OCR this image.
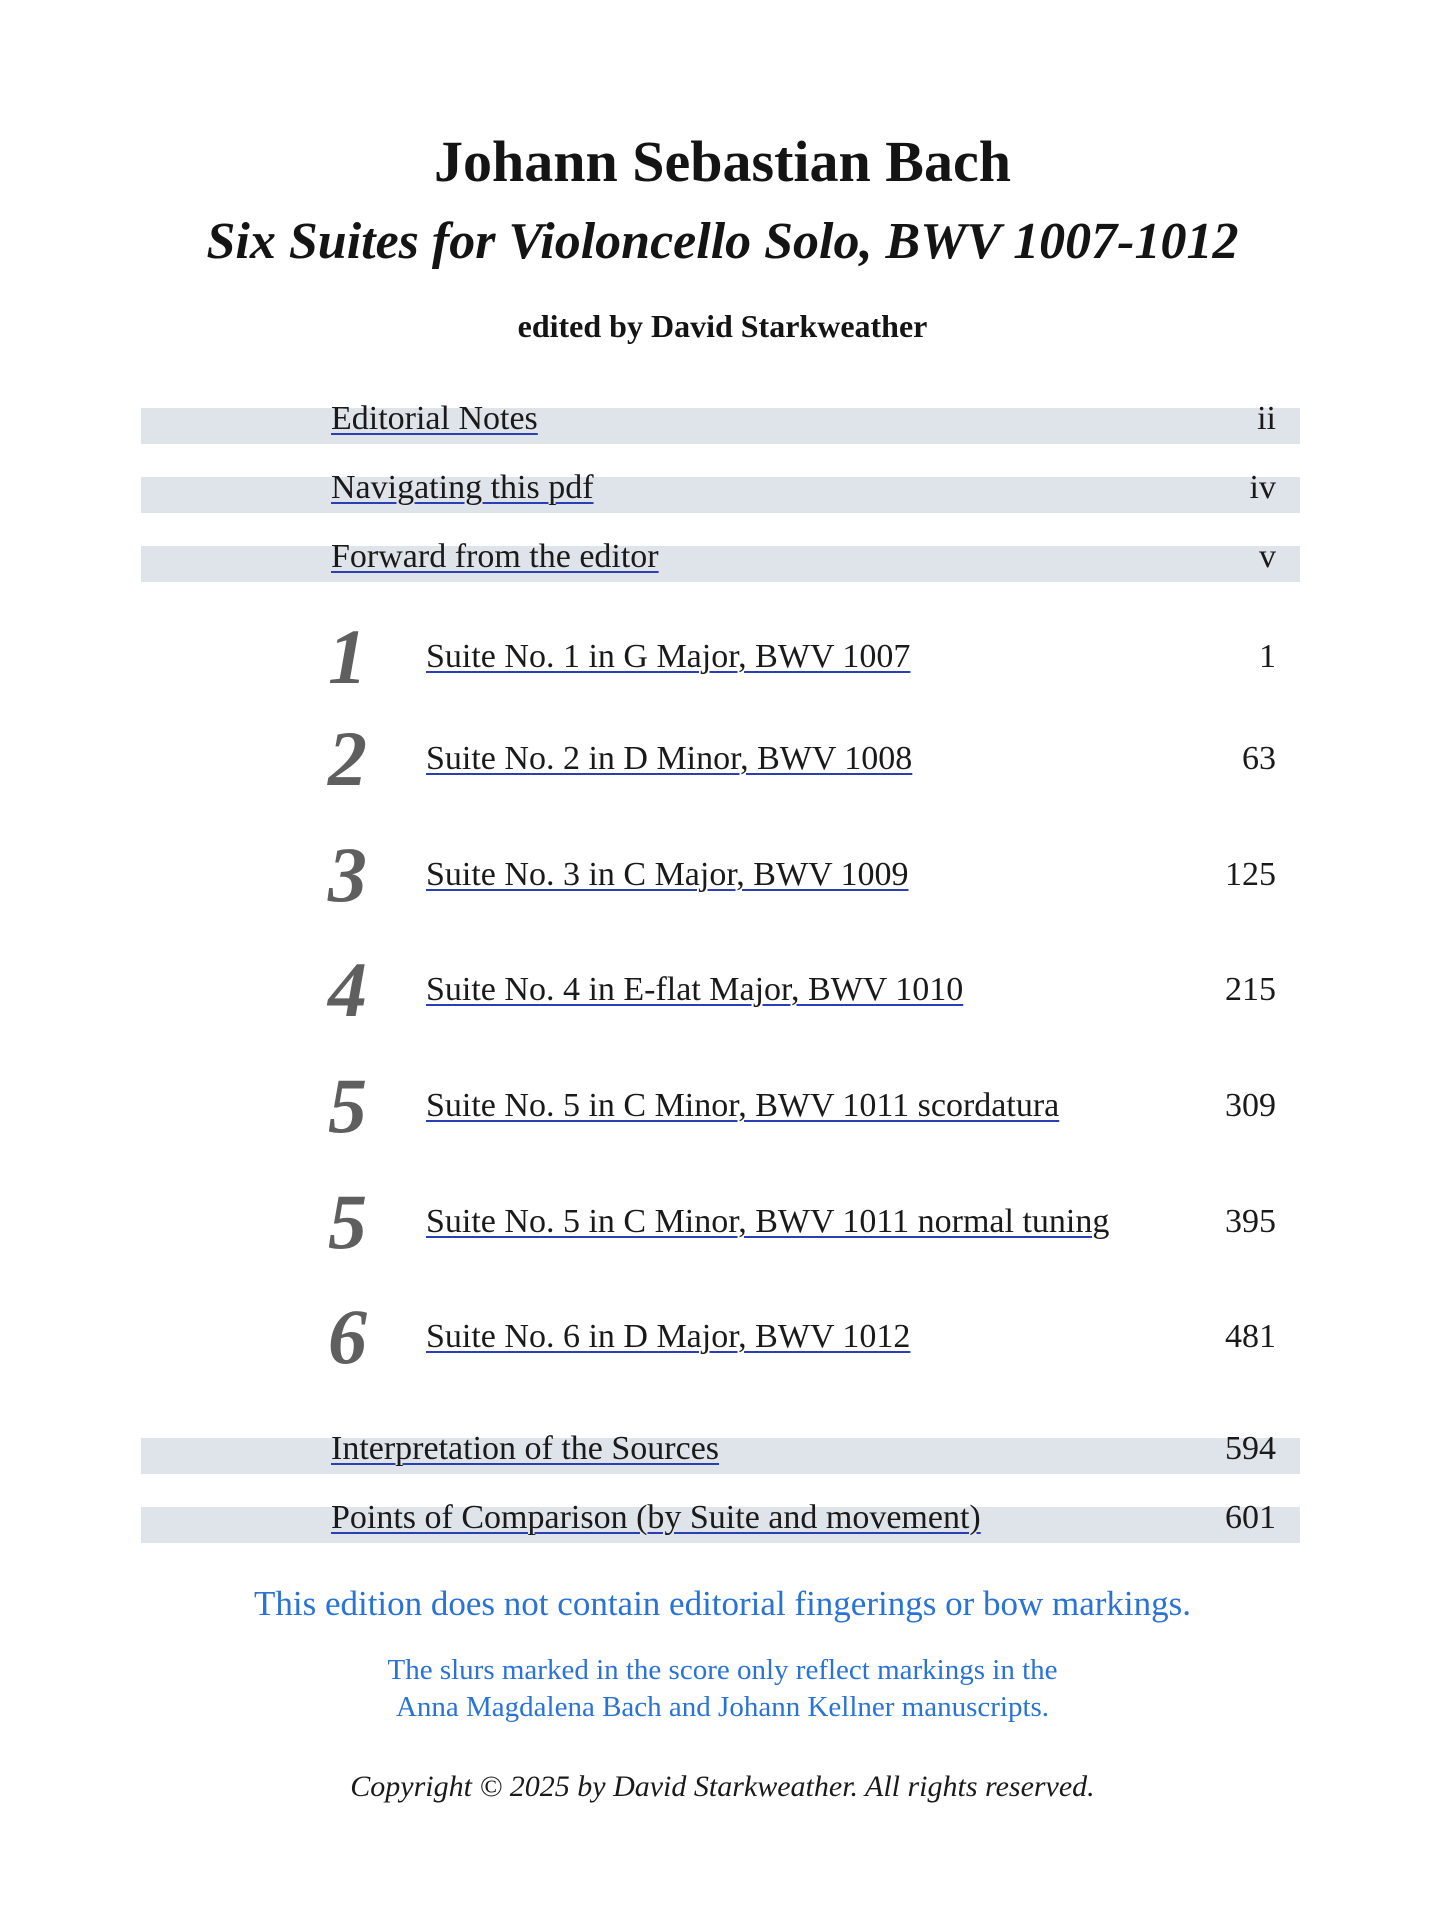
Johann Sebastian Bach
Six Suites for Violoncello Solo, BWV 1007-1012
edited by David Starkweather
Editorial Notes	ii
Navigating this pdf	iv
Forward from the editor	v
1 Suite No. 1 in G Major, BWV 1007	1
2 Suite No. 2 in D Minor, BWV 1008	63
3 Suite No. 3 in C Major, BWV 1009	125
4 Suite No. 4 in E-flat Major, BWV 1010	215
5 Suite No. 5 in C Minor, BWV 1011 scordatura	309
5 Suite No. 5 in C Minor, BWV 1011 normal tuning	395
6 Suite No. 6 in D Major, BWV 1012	481
Interpretation of the Sources	594
Points of Comparison (by Suite and movement)	601
This edition does not contain editorial fingerings or bow markings.
The slurs marked in the score only reflect markings in the
Anna Magdalena Bach and Johann Kellner manuscripts.
Copyright © 2025 by David Starkweather. All rights reserved.
